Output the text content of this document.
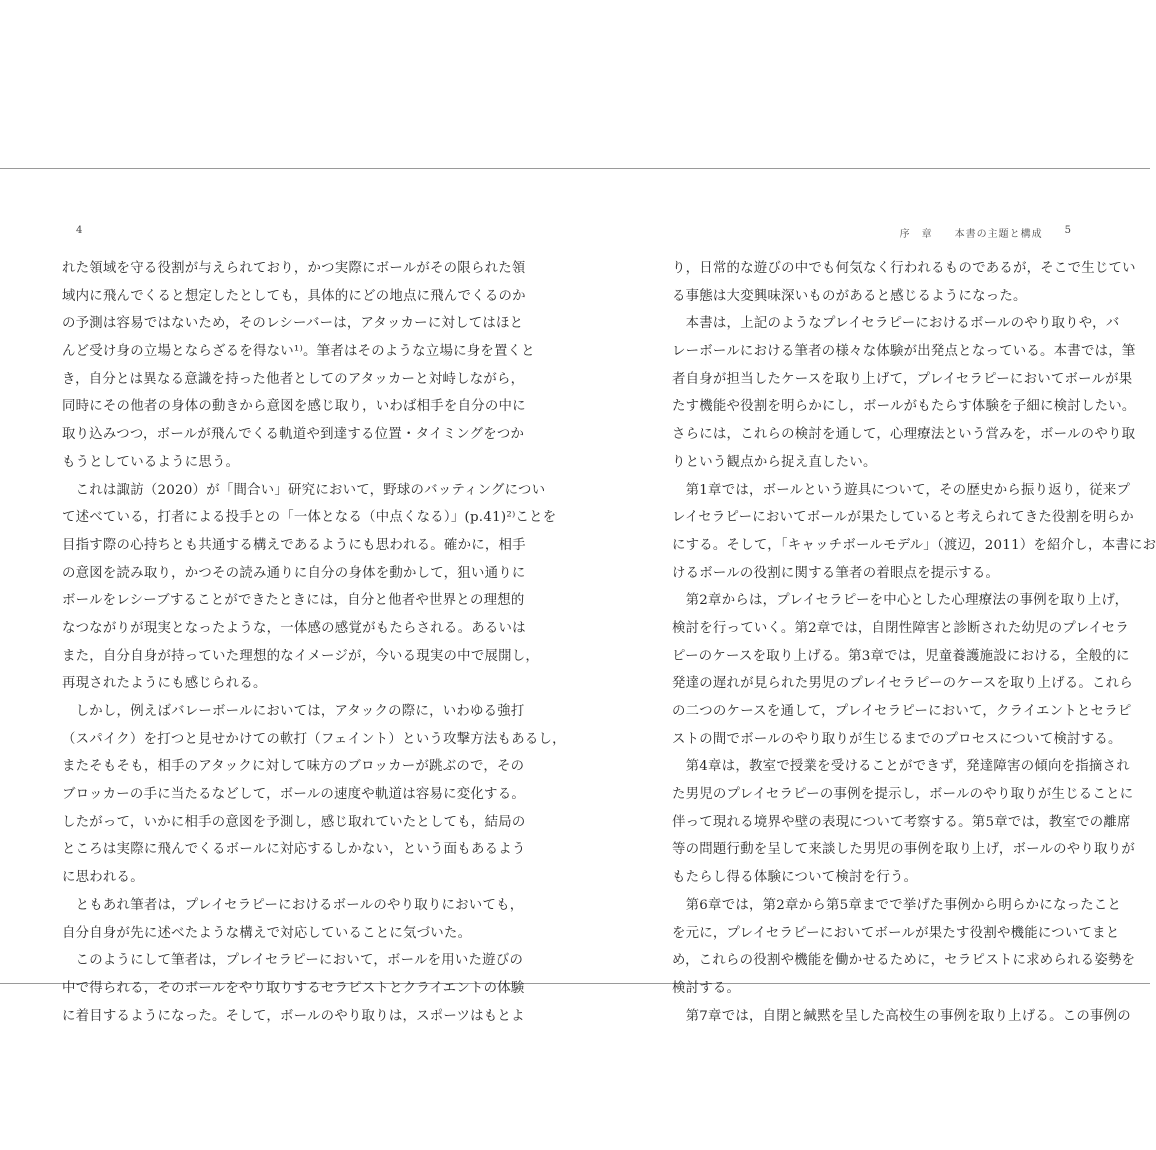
4
れた領域を守る役割が与えられており，かつ実際にボールがその限られた領
域内に飛んでくると想定したとしても，具体的にどの地点に飛んでくるのか
の予測は容易ではないため，そのレシーバーは，アタッカーに対してはほと
んど受け身の立場とならざるを得ない¹⁾。筆者はそのような立場に身を置くと
き，自分とは異なる意識を持った他者としてのアタッカーと対峙しながら，
同時にその他者の身体の動きから意図を感じ取り，いわば相手を自分の中に
取り込みつつ，ボールが飛んでくる軌道や到達する位置・タイミングをつか
もうとしているように思う。
　これは諏訪（2020）が「間合い」研究において，野球のバッティングについ
て述べている，打者による投手との「一体となる（中点くなる）」(p.41)²⁾ことを
目指す際の心持ちとも共通する構えであるようにも思われる。確かに，相手
の意図を読み取り，かつその読み通りに自分の身体を動かして，狙い通りに
ボールをレシーブすることができたときには，自分と他者や世界との理想的
なつながりが現実となったような，一体感の感覚がもたらされる。あるいは
また，自分自身が持っていた理想的なイメージが，今いる現実の中で展開し，
再現されたようにも感じられる。
　しかし，例えばバレーボールにおいては，アタックの際に，いわゆる強打
（スパイク）を打つと見せかけての軟打（フェイント）という攻撃方法もあるし，
またそもそも，相手のアタックに対して味方のブロッカーが跳ぶので，その
ブロッカーの手に当たるなどして，ボールの速度や軌道は容易に変化する。
したがって，いかに相手の意図を予測し，感じ取れていたとしても，結局の
ところは実際に飛んでくるボールに対応するしかない，という面もあるよう
に思われる。
　ともあれ筆者は，プレイセラピーにおけるボールのやり取りにおいても，
自分自身が先に述べたような構えで対応していることに気づいた。
　このようにして筆者は，プレイセラピーにおいて，ボールを用いた遊びの
中で得られる，そのボールをやり取りするセラピストとクライエントの体験
に着目するようになった。そして，ボールのやり取りは，スポーツはもとよ
序　章 本書の主題と構成 5
り，日常的な遊びの中でも何気なく行われるものであるが，そこで生じてい
る事態は大変興味深いものがあると感じるようになった。
　本書は，上記のようなプレイセラピーにおけるボールのやり取りや，バ
レーボールにおける筆者の様々な体験が出発点となっている。本書では，筆
者自身が担当したケースを取り上げて，プレイセラピーにおいてボールが果
たす機能や役割を明らかにし，ボールがもたらす体験を子細に検討したい。
さらには，これらの検討を通して，心理療法という営みを，ボールのやり取
りという観点から捉え直したい。
　第1章では，ボールという遊具について，その歴史から振り返り，従来プ
レイセラピーにおいてボールが果たしていると考えられてきた役割を明らか
にする。そして，「キャッチボールモデル」（渡辺，2011）を紹介し，本書にお
けるボールの役割に関する筆者の着眼点を提示する。
　第2章からは，プレイセラピーを中心とした心理療法の事例を取り上げ，
検討を行っていく。第2章では，自閉性障害と診断された幼児のプレイセラ
ピーのケースを取り上げる。第3章では，児童養護施設における，全般的に
発達の遅れが見られた男児のプレイセラピーのケースを取り上げる。これら
の二つのケースを通して，プレイセラピーにおいて，クライエントとセラピ
ストの間でボールのやり取りが生じるまでのプロセスについて検討する。
　第4章は，教室で授業を受けることができず，発達障害の傾向を指摘され
た男児のプレイセラピーの事例を提示し，ボールのやり取りが生じることに
伴って現れる境界や壁の表現について考察する。第5章では，教室での離席
等の問題行動を呈して来談した男児の事例を取り上げ，ボールのやり取りが
もたらし得る体験について検討を行う。
　第6章では，第2章から第5章までで挙げた事例から明らかになったこと
を元に，プレイセラピーにおいてボールが果たす役割や機能についてまと
め，これらの役割や機能を働かせるために，セラピストに求められる姿勢を
検討する。
　第7章では，自閉と緘黙を呈した高校生の事例を取り上げる。この事例の
